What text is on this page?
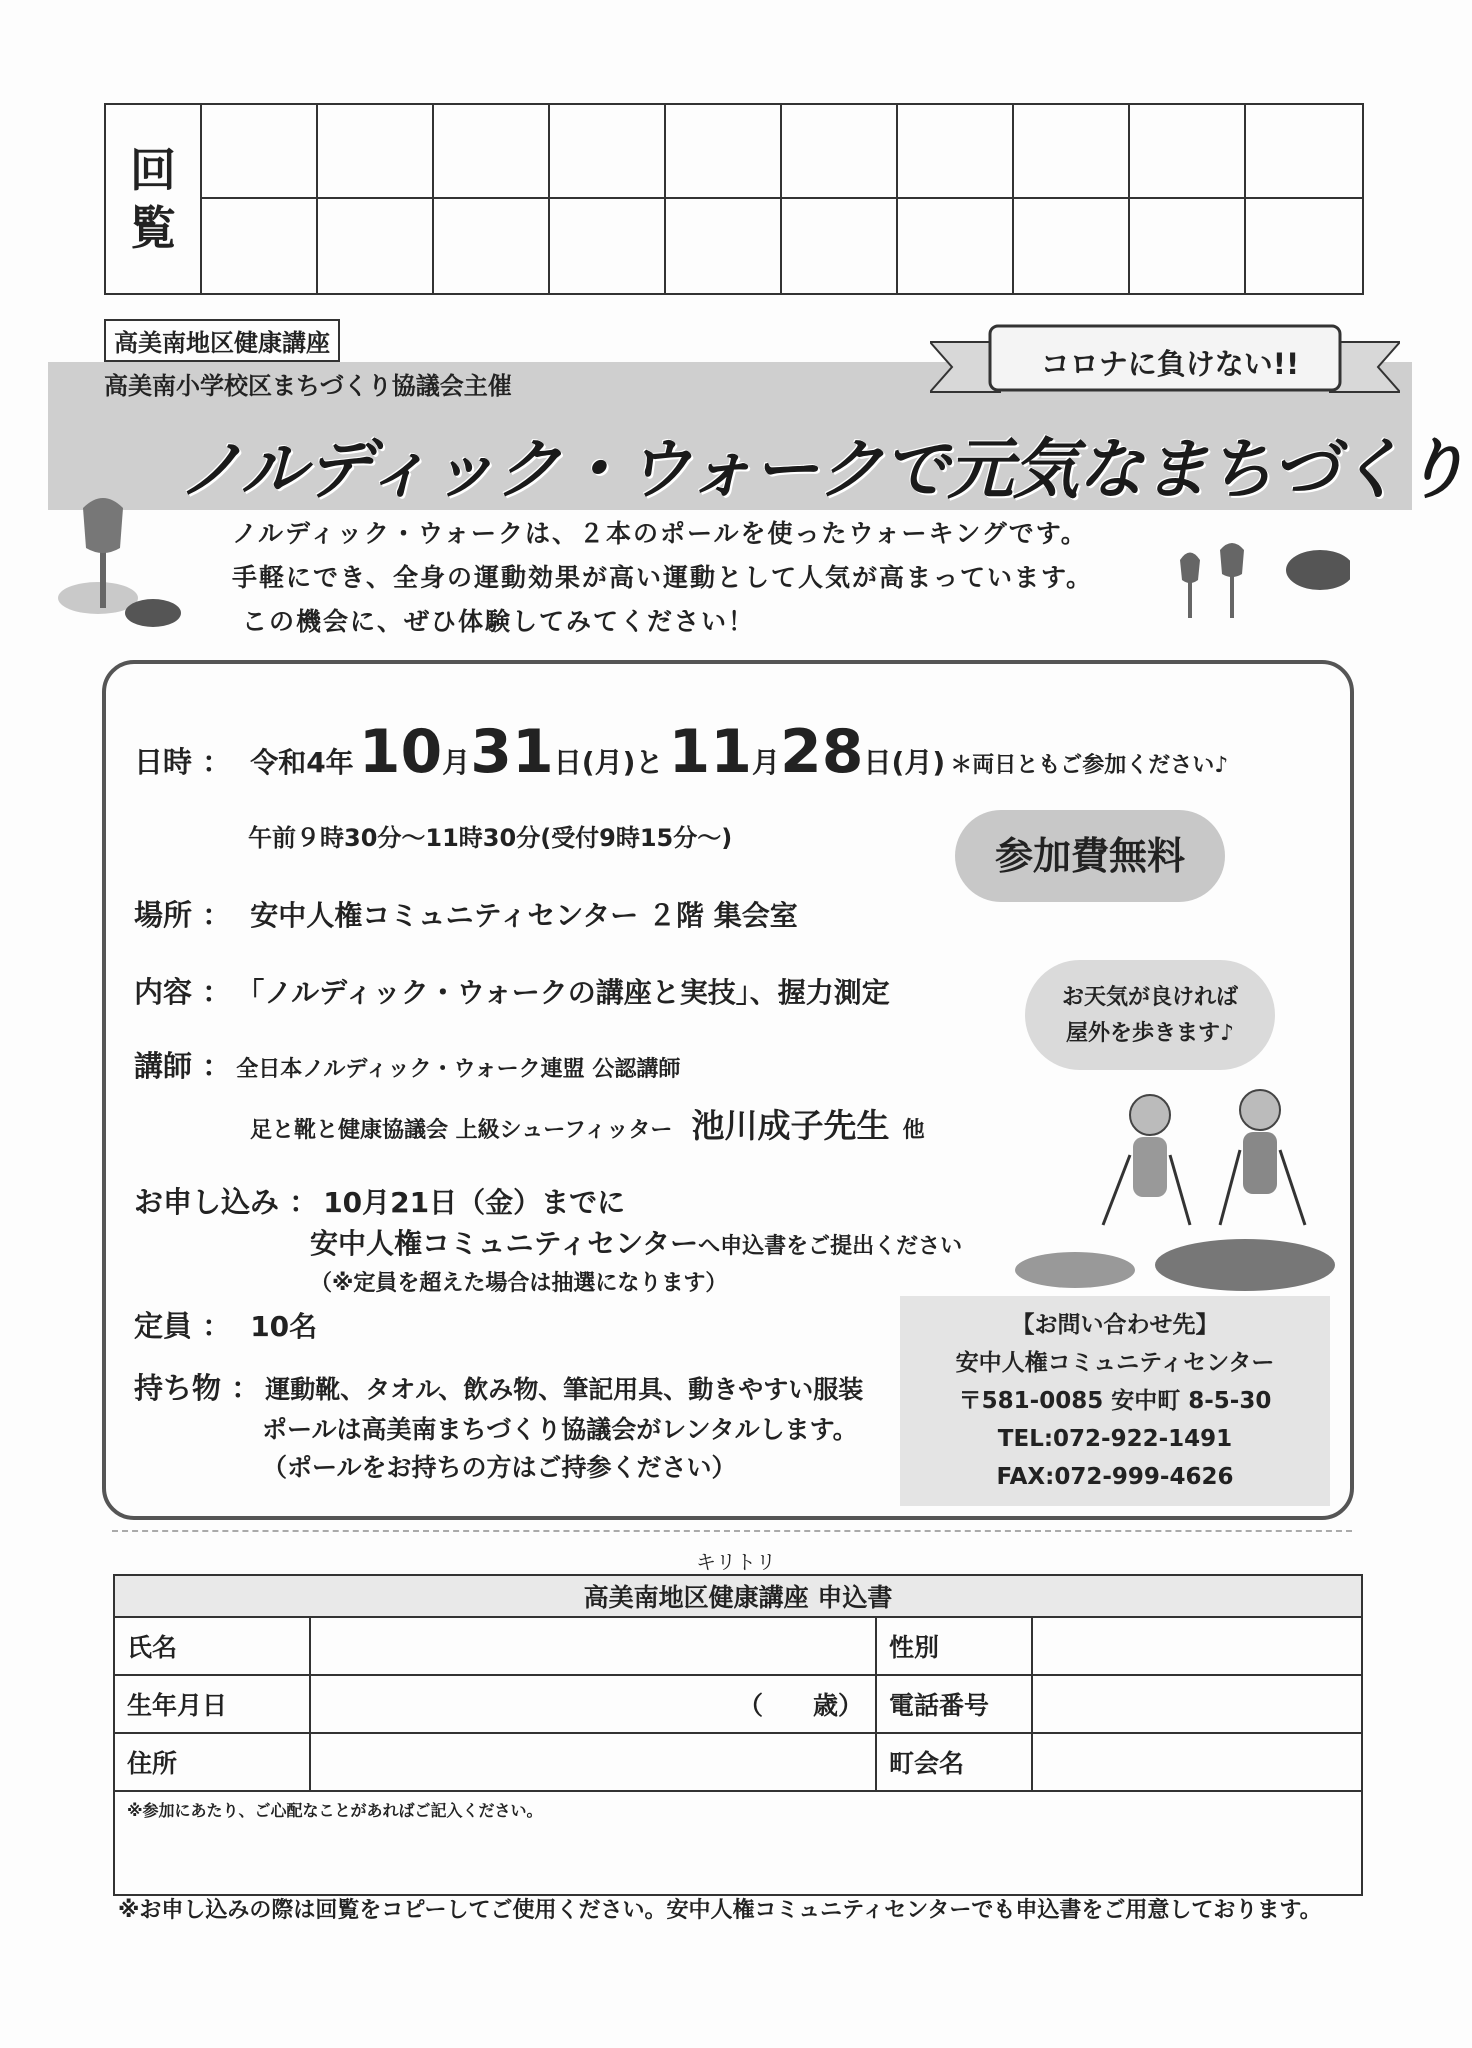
回
覧
高美南地区健康講座
高美南小学校区まちづくり協議会主催
コロナに負けない!!
ノルディック・ウォークで元気なまちづくり
ノルディック・ウォークは、２本のポールを使ったウォーキングです。
手軽にでき、全身の運動効果が高い運動として人気が高まっています。
この機会に、ぜひ体験してみてください！
日時 ： 令和4年 10月31日(月)と 11月28日(月) ＊両日ともご参加ください♪
午前９時30分～11時30分(受付9時15分～)	参加費無料
場所 ： 安中人権コミュニティセンター ２階 集会室
内容 ： 「ノルディック・ウォークの講座と実技」、握力測定	お天気が良ければ
屋外を歩きます♪
講師 ： 全日本ノルディック・ウォーク連盟 公認講師
足と靴と健康協議会 上級シューフィッター 池川成子先生 他
お申し込み ： 10月21日（金）までに
安中人権コミュニティセンターへ申込書をご提出ください
（※定員を超えた場合は抽選になります）
定員 ： 10名
持ち物 ： 運動靴、タオル、飲み物、筆記用具、動きやすい服装
ポールは高美南まちづくり協議会がレンタルします。
（ポールをお持ちの方はご持参ください）
【お問い合わせ先】
安中人権コミュニティセンター
〒581-0085 安中町 8-5-30
TEL:072-922-1491
FAX:072-999-4626
キリトリ
高美南地区健康講座 申込書			
氏名		性別	
生年月日	（　　歳）	電話番号	
住所		町会名	
※参加にあたり、ご心配なことがあればご記入ください。			
※お申し込みの際は回覧をコピーしてご使用ください。安中人権コミュニティセンターでも申込書をご用意しております。
